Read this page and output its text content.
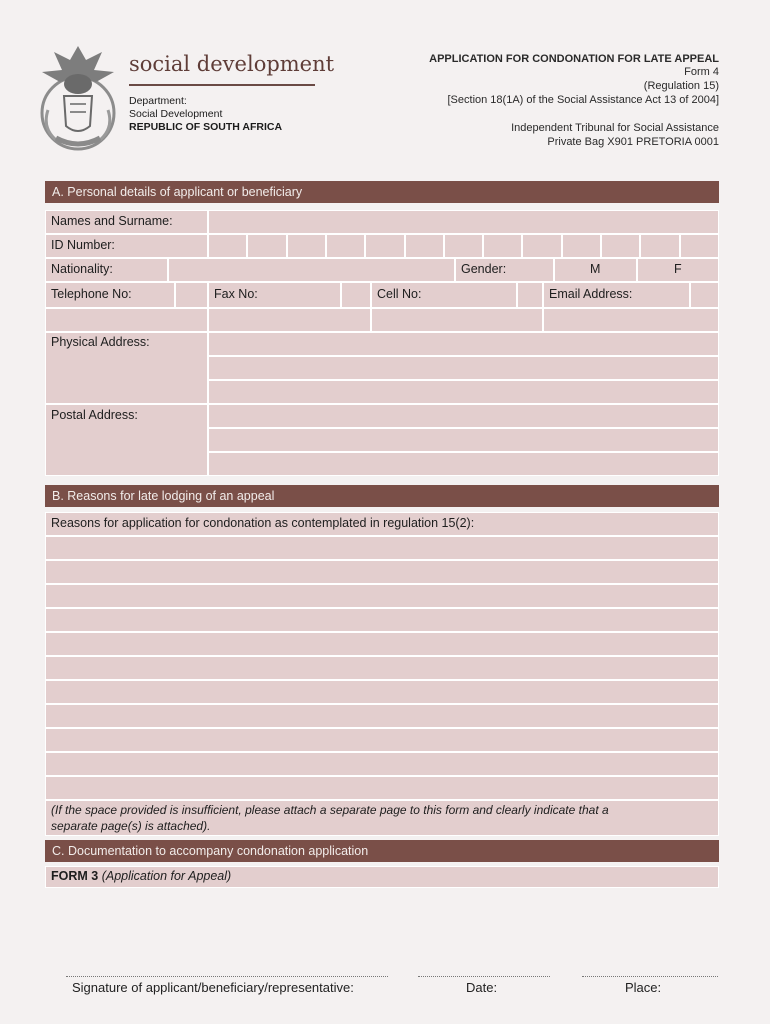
social development
Department:
Social Development
REPUBLIC OF SOUTH AFRICA
APPLICATION FOR CONDONATION FOR LATE APPEAL
Form 4
(Regulation 15)
[Section 18(1A) of the Social Assistance Act 13 of 2004]
Independent Tribunal for Social Assistance
Private Bag X901 PRETORIA 0001
A. Personal details of applicant or beneficiary
Names and Surname:
ID Number:
Nationality:	Gender:	M	F
Telephone No:	Fax No:	Cell No:	Email Address:
Physical Address:
Postal Address:
B. Reasons for late lodging of an appeal
Reasons for application for condonation as contemplated in regulation 15(2):
(If the space provided is insufficient, please attach a separate page to this form and clearly indicate that a
separate page(s) is attached).
C. Documentation to accompany condonation application
FORM 3 (Application for Appeal)
Signature of applicant/beneficiary/representative:	Date:	Place:
